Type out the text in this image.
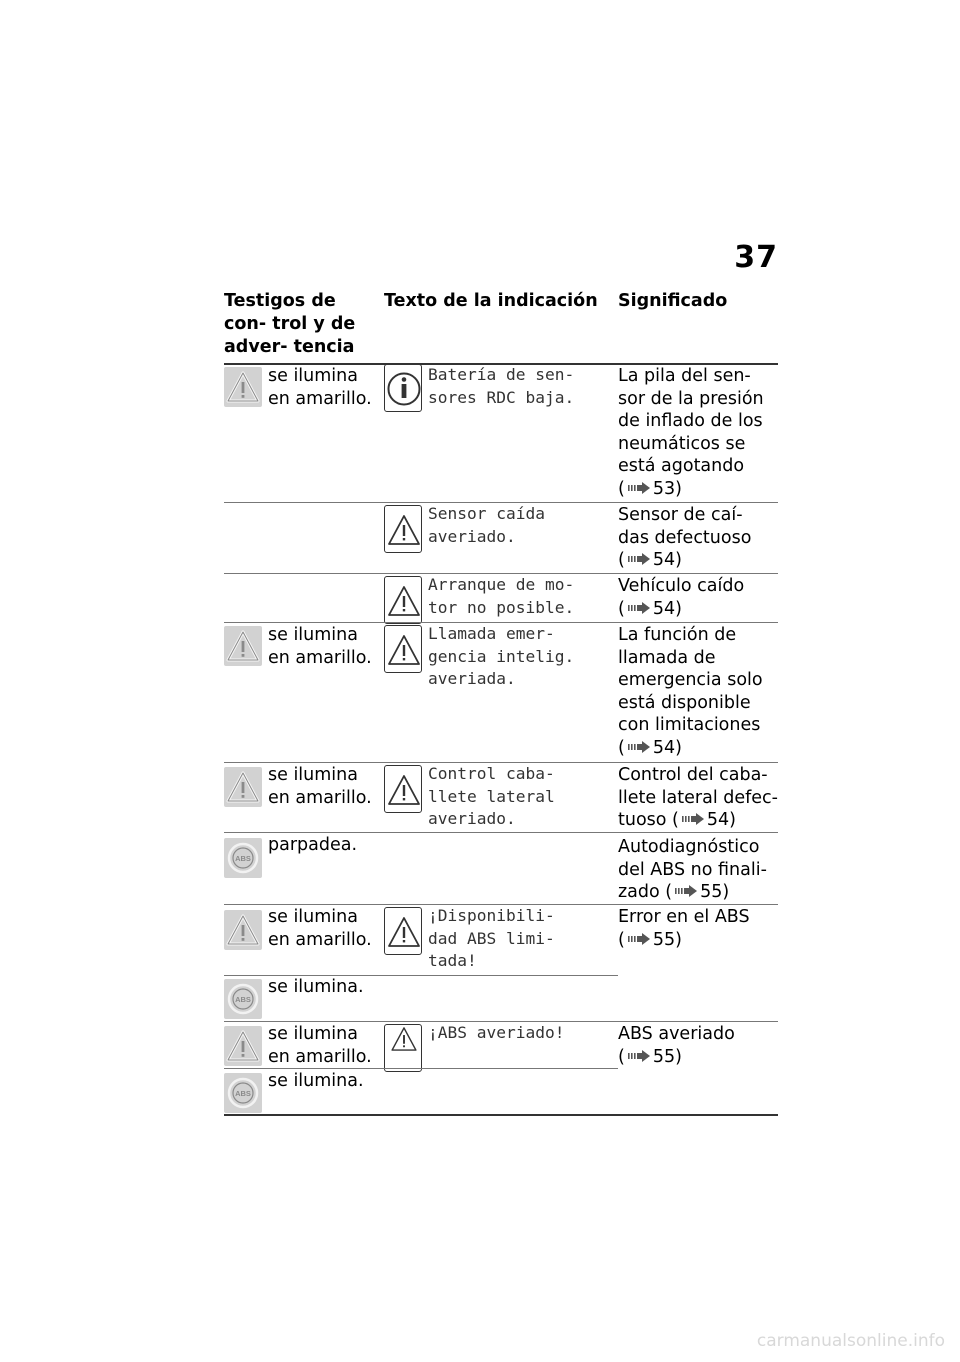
37
Testigos de con- trol y de adver- tencia
Texto de la indicación Significado
se ilumina
en amarillo.
Batería de sen-
sores RDC baja.
La pila del sen-
sor de la presión
de inflado de los
neumáticos se
está agotando
( 53)
Sensor caída
averiado.
Sensor de caí-
das defectuoso
( 54)
Arranque de mo-
tor no posible.
Vehículo caído
( 54)
se ilumina
en amarillo.
Llamada emer-
gencia intelig.
averiada.
La función de
llamada de
emergencia solo
está disponible
con limitaciones
( 54)
se ilumina
en amarillo.
Control caba-
llete lateral
averiado.
Control del caba-
llete lateral defec-
tuoso ( 54)
parpadea.	Autodiagnóstico
del ABS no finali-
zado ( 55)
se ilumina
en amarillo.
¡Disponibili-
dad ABS limi-
tada!
Error en el ABS
( 55)
se ilumina.
se ilumina
en amarillo.
¡ABS averiado!	ABS averiado
( 55)
se ilumina.
carmanualsonline.info
